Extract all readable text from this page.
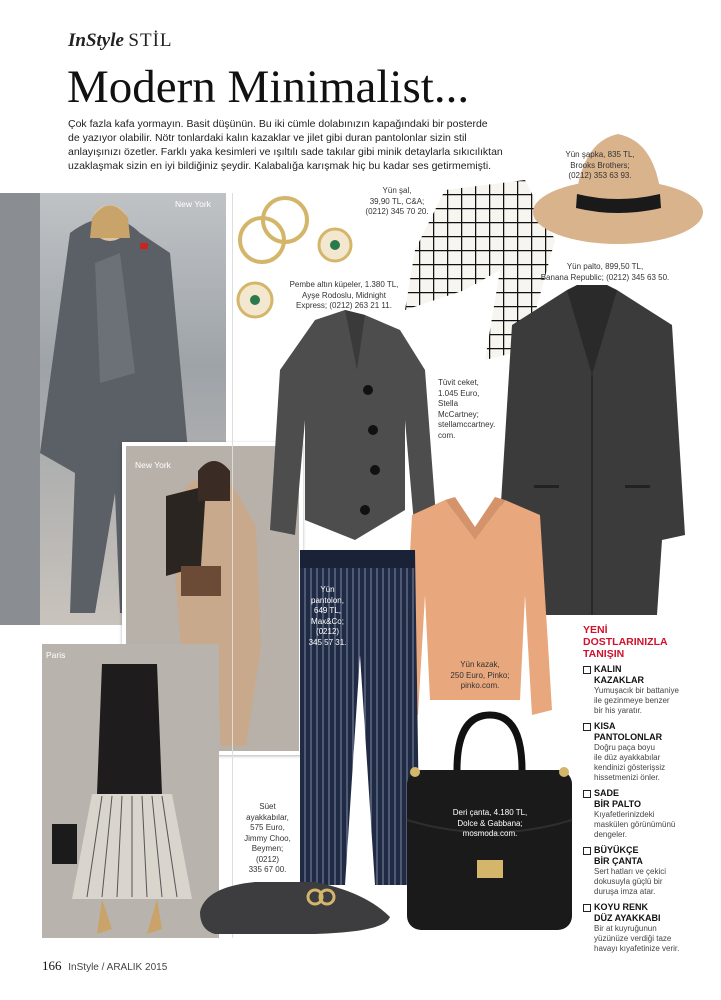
InStyle STİL
Modern Minimalist...
Çok fazla kafa yormayın. Basit düşünün. Bu iki cümle dolabınızın kapağındaki bir posterde
de yazıyor olabilir. Nötr tonlardaki kalın kazaklar ve jilet gibi duran pantolonlar sizin stil
anlayışınızı özetler. Farklı yaka kesimleri ve ışıltılı sade takılar gibi minik detaylarla sıkıcılıktan
uzaklaşmak sizin en iyi bildiğiniz şeydir. Kalabalığa karışmak hiç bu kadar ses getirmemişti.
New York
New York
Paris
Pembe altın küpeler, 1.380 TL,
Ayşe Rodoslu, Midnight
Express; (0212) 263 21 11.
Yün şal,
39,90 TL, C&A;
(0212) 345 70 20.
Yün şapka, 835 TL,
Brooks Brothers;
(0212) 353 63 93.
Yün palto, 899,50 TL,
Banana Republic; (0212) 345 63 50.
Tüvit ceket,
1.045 Euro,
Stella
McCartney;
stellamccartney.
com.
Yün kazak,
250 Euro, Pinko;
pinko.com.
Yün
pantolon,
649 TL,
Max&Co;
(0212)
345 57 31.
Süet
ayakkabılar,
575 Euro,
Jimmy Choo,
Beymen;
(0212)
335 67 00.
Deri çanta, 4.180 TL,
Dolce & Gabbana;
mosmoda.com.
YENİ
DOSTLARINIZLA
TANIŞIN
KALIN
KAZAKLAR
Yumuşacık bir battaniye
ile gezinmeye benzer
bir his yaratır.
KISA
PANTOLONLAR
Doğru paça boyu
ile düz ayakkabılar
kendinizi gösterişsiz
hissetmenizi önler.
SADE
BİR PALTO
Kıyafetlerinizdeki
maskülen görünümünü
dengeler.
BÜYÜKÇE
BİR ÇANTA
Sert hatları ve çekici
dokusuyla güçlü bir
duruşa imza atar.
KOYU RENK
DÜZ AYAKKABI
Bir at kuyruğunun
yüzünüze verdiği taze
havayı kıyafetinize verir.
166 InStyle / ARALIK 2015
